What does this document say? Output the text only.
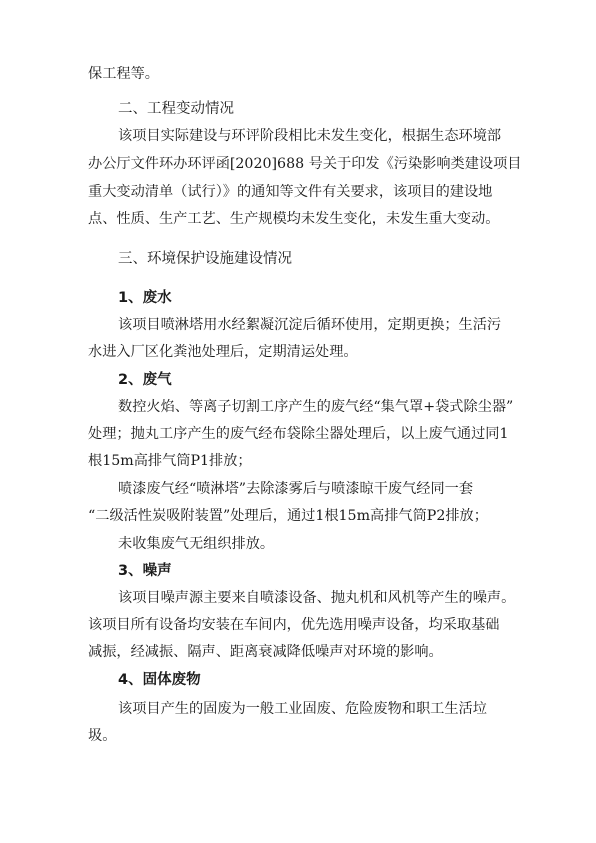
保工程等。
二、工程变动情况
该项目实际建设与环评阶段相比未发生变化，根据生态环境部
办公厅文件环办环评函[2020]688 号关于印发《污染影响类建设项目
重大变动清单（试行）》的通知等文件有关要求，该项目的建设地
点、性质、生产工艺、生产规模均未发生变化，未发生重大变动。
三、环境保护设施建设情况
1、废水
该项目喷淋塔用水经絮凝沉淀后循环使用，定期更换；生活污
水进入厂区化粪池处理后，定期清运处理。
2、废气
数控火焰、等离子切割工序产生的废气经“集气罩+袋式除尘器”
处理；抛丸工序产生的废气经布袋除尘器处理后，以上废气通过同1
根15m高排气筒P1排放；
喷漆废气经“喷淋塔”去除漆雾后与喷漆晾干废气经同一套
“二级活性炭吸附装置”处理后，通过1根15m高排气筒P2排放；
未收集废气无组织排放。
3、噪声
该项目噪声源主要来自喷漆设备、抛丸机和风机等产生的噪声。
该项目所有设备均安装在车间内，优先选用噪声设备，均采取基础
减振，经减振、隔声、距离衰减降低噪声对环境的影响。
4、固体废物
该项目产生的固废为一般工业固废、危险废物和职工生活垃
圾。
